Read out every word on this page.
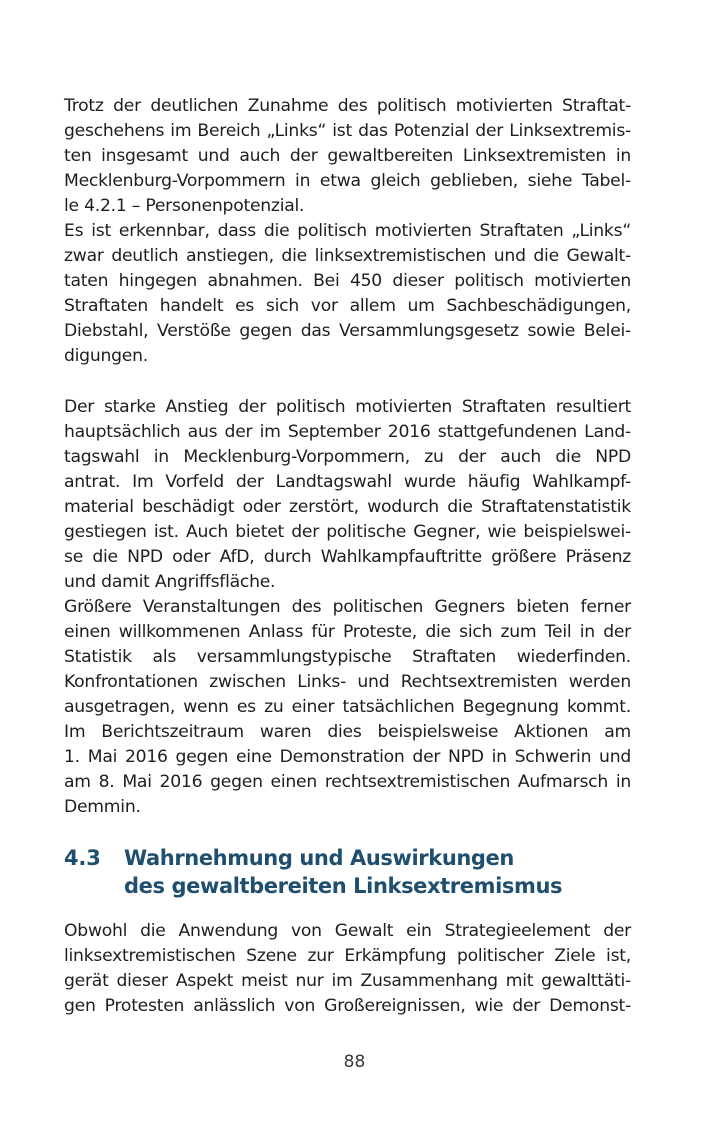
Trotz der deutlichen Zunahme des politisch motivierten Straftat-
geschehens im Bereich „Links“ ist das Potenzial der Linksextremis-
ten insgesamt und auch der gewaltbereiten Linksextremisten in
Mecklenburg-Vorpommern in etwa gleich geblieben, siehe Tabel-
le 4.2.1 – Personenpotenzial.
Es ist erkennbar, dass die politisch motivierten Straftaten „Links“
zwar deutlich anstiegen, die linksextremistischen und die Gewalt-
taten hingegen abnahmen. Bei 450 dieser politisch motivierten
Straftaten handelt es sich vor allem um Sachbeschädigungen,
Diebstahl, Verstöße gegen das Versammlungsgesetz sowie Belei-
digungen.
Der starke Anstieg der politisch motivierten Straftaten resultiert
hauptsächlich aus der im September 2016 stattgefundenen Land-
tagswahl in Mecklenburg-Vorpommern, zu der auch die NPD
antrat. Im Vorfeld der Landtagswahl wurde häufig Wahlkampf-
material beschädigt oder zerstört, wodurch die Straftatenstatistik
gestiegen ist. Auch bietet der politische Gegner, wie beispielswei-
se die NPD oder AfD, durch Wahlkampfauftritte größere Präsenz
und damit Angriffsfläche.
Größere Veranstaltungen des politischen Gegners bieten ferner
einen willkommenen Anlass für Proteste, die sich zum Teil in der
Statistik als versammlungstypische Straftaten wiederfinden.
Konfrontationen zwischen Links- und Rechtsextremisten werden
ausgetragen, wenn es zu einer tatsächlichen Begegnung kommt.
Im Berichtszeitraum waren dies beispielsweise Aktionen am
1. Mai 2016 gegen eine Demonstration der NPD in Schwerin und
am 8. Mai 2016 gegen einen rechtsextremistischen Aufmarsch in
Demmin.
4.3 Wahrnehmung und Auswirkungen
des gewaltbereiten Linksextremismus
Obwohl die Anwendung von Gewalt ein Strategieelement der
linksextremistischen Szene zur Erkämpfung politischer Ziele ist,
gerät dieser Aspekt meist nur im Zusammenhang mit gewalttäti-
gen Protesten anlässlich von Großereignissen, wie der Demonst-
88
